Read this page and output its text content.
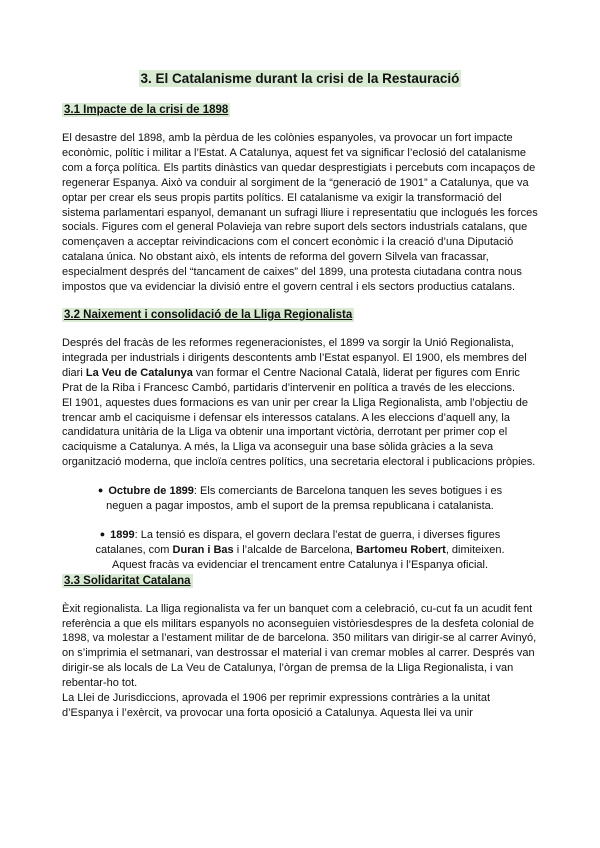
3. El Catalanisme durant la crisi de la Restauració
3.1 Impacte de la crisi de 1898

El desastre del 1898, amb la pèrdua de les colònies espanyoles, va provocar un fort impacte econòmic, polític i militar a l’Estat. A Catalunya, aquest fet va significar l’eclosió del catalanisme com a força política. Els partits dinàstics van quedar desprestigiats i percebuts com incapaços de regenerar Espanya. Això va conduir al sorgiment de la “generació de 1901” a Catalunya, que va optar per crear els seus propis partits polítics. El catalanisme va exigir la transformació del sistema parlamentari espanyol, demanant un sufragi lliure i representatiu que inclogués les forces socials. Figures com el general Polavieja van rebre suport dels sectors industrials catalans, que començaven a acceptar reivindicacions com el concert econòmic i la creació d’una Diputació catalana única. No obstant això, els intents de reforma del govern Silvela van fracassar, especialment després del “tancament de caixes” del 1899, una protesta ciutadana contra nous impostos que va evidenciar la divisió entre el govern central i els sectors productius catalans.

3.2 Naixement i consolidació de la Lliga Regionalista

Després del fracàs de les reformes regeneracionistes, el 1899 va sorgir la Unió Regionalista, integrada per industrials i dirigents descontents amb l’Estat espanyol. El 1900, els membres del diari La Veu de Catalunya van formar el Centre Nacional Català, liderat per figures com Enric Prat de la Riba i Francesc Cambó, partidaris d’intervenir en política a través de les eleccions.

El 1901, aquestes dues formacions es van unir per crear la Lliga Regionalista, amb l’objectiu de trencar amb el caciquisme i defensar els interessos catalans. A les eleccions d’aquell any, la candidatura unitària de la Lliga va obtenir una important victòria, derrotant per primer cop el caciquisme a Catalunya. A més, la Lliga va aconseguir una base sòlida gràcies a la seva organització moderna, que incloïa centres polítics, una secretaria electoral i publicacions pròpies.

● Octubre de 1899: Els comerciants de Barcelona tanquen les seves botigues i es neguen a pagar impostos, amb el suport de la premsa republicana i catalanista.

● 1899: La tensió es dispara, el govern declara l’estat de guerra, i diverses figures catalanes, com Duran i Bas i l’alcalde de Barcelona, Bartomeu Robert, dimiteixen. Aquest fracàs va evidenciar el trencament entre Catalunya i l’Espanya oficial.

3.3 Solidaritat Catalana

Èxit regionalista. La lliga regionalista va fer un banquet com a celebració, cu-cut fa un acudit fent referència a que els militars espanyols no aconseguien vistòriesdespres de la desfeta colonial de 1898, va molestar a l’estament militar de de barcelona. 350 militars van dirigir-se al carrer Avinyó, on s’imprimia el setmanari, van destrossar el material i van cremar mobles al carrer. Després van dirigir-se als locals de La Veu de Catalunya, l’òrgan de premsa de la Lliga Regionalista, i van rebentar-ho tot.

La Llei de Jurisdiccions, aprovada el 1906 per reprimir expressions contràries a la unitat d’Espanya i l’exèrcit, va provocar una forta oposició a Catalunya. Aquesta llei va unir
